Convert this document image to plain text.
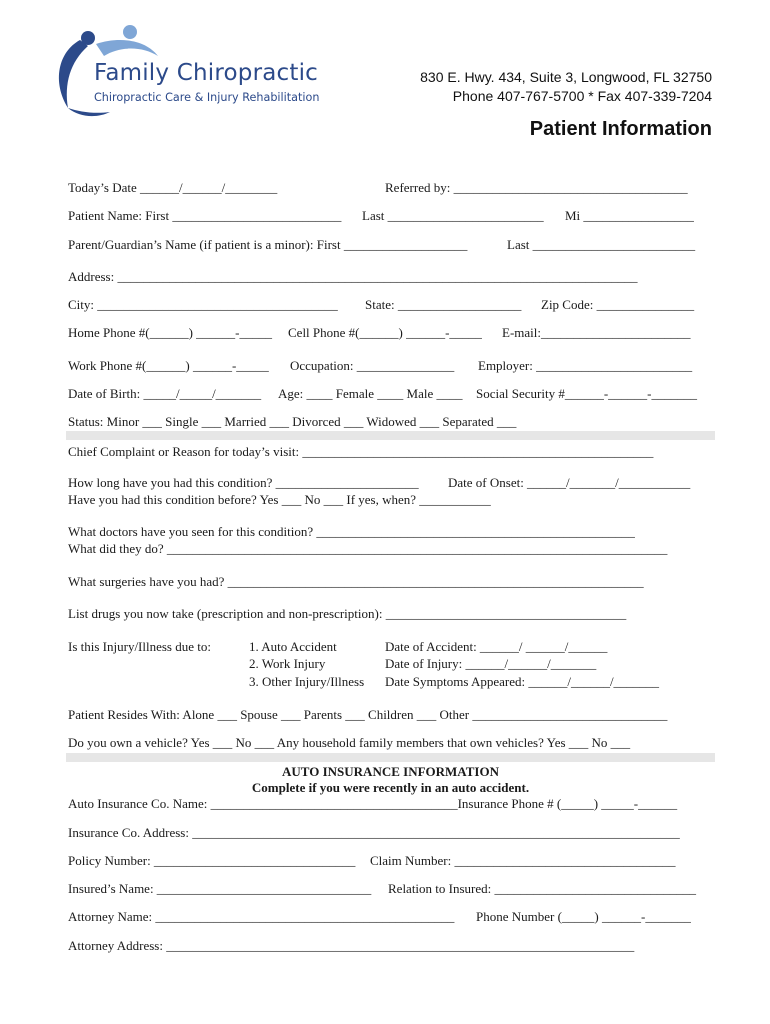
Family Chiropractic
Chiropractic Care & Injury Rehabilitation
830 E. Hwy. 434, Suite 3, Longwood, FL 32750
Phone 407-767-5700 * Fax 407-339-7204
Patient Information
Today’s Date ______/______/________	Referred by: ____________________________________
Patient Name: First __________________________ Last ________________________ Mi _________________
Parent/Guardian’s Name (if patient is a minor): First ___________________	Last _________________________
Address: ________________________________________________________________________________
City: _____________________________________ State: ___________________ Zip Code: _______________
Home Phone #(______) ______-_____ Cell Phone #(______) ______-_____ E-mail:_______________________
Work Phone #(______) ______-_____ Occupation: _______________ Employer: ________________________
Date of Birth: _____/_____/_______ Age: ____ Female ____ Male ____ Social Security #______-______-_______
Status: Minor ___ Single ___ Married ___ Divorced ___ Widowed ___ Separated ___
Chief Complaint or Reason for today’s visit: ______________________________________________________
How long have you had this condition? ______________________ Date of Onset: ______/_______/___________
Have you had this condition before? Yes ___ No ___ If yes, when? ___________
What doctors have you seen for this condition? _________________________________________________
What did they do? _____________________________________________________________________________
What surgeries have you had? ________________________________________________________________
List drugs you now take (prescription and non-prescription): _____________________________________
Is this Injury/Illness due to:	1. Auto Accident	Date of Accident: ______/ ______/______
2. Work Injury	Date of Injury: ______/______/_______
3. Other Injury/Illness Date Symptoms Appeared: ______/______/_______
Patient Resides With: Alone ___ Spouse ___ Parents ___ Children ___ Other ______________________________
Do you own a vehicle? Yes ___ No ___ Any household family members that own vehicles? Yes ___ No ___
AUTO INSURANCE INFORMATION
Complete if you were recently in an auto accident.
Auto Insurance Co. Name: ______________________________________Insurance Phone # (_____) _____-______
Insurance Co. Address: ___________________________________________________________________________
Policy Number: _______________________________ Claim Number: __________________________________
Insured’s Name: _________________________________ Relation to Insured: _______________________________
Attorney Name: ______________________________________________ Phone Number (_____) ______-_______
Attorney Address: ________________________________________________________________________
